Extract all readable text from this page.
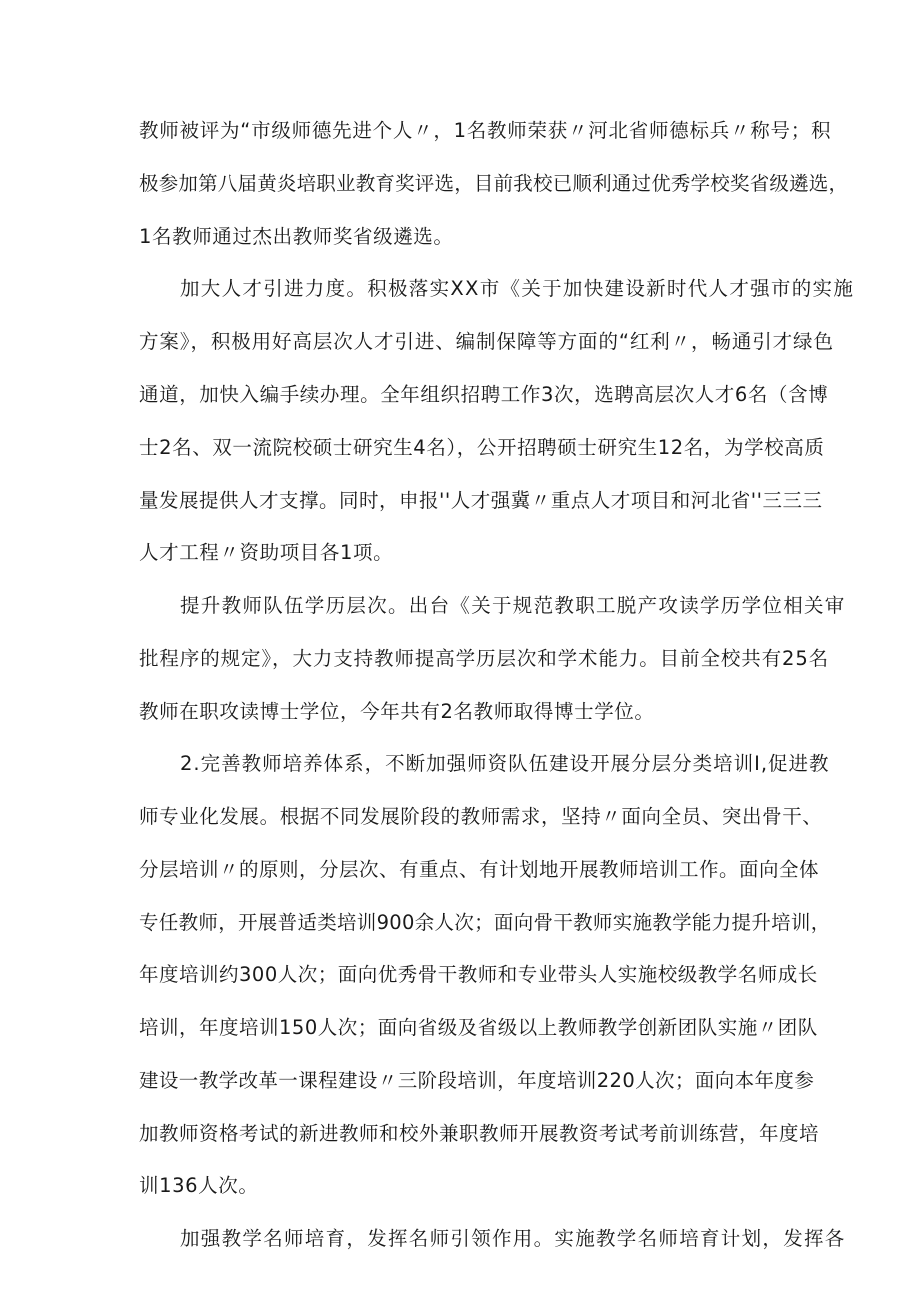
教师被评为“市级师德先进个人〃，1名教师荣获〃河北省师德标兵〃称号；积
极参加第八届黄炎培职业教育奖评选，目前我校已顺利通过优秀学校奖省级遴选，
1名教师通过杰出教师奖省级遴选。
加大人才引进力度。积极落实XX市《关于加快建设新时代人才强市的实施
方案》，积极用好高层次人才引进、编制保障等方面的“红利〃，畅通引才绿色
通道，加快入编手续办理。全年组织招聘工作3次，选聘高层次人才6名（含博
士2名、双一流院校硕士研究生4名），公开招聘硕士研究生12名，为学校高质
量发展提供人才支撑。同时，申报''人才强冀〃重点人才项目和河北省''三三三
人才工程〃资助项目各1项。
提升教师队伍学历层次。出台《关于规范教职工脱产攻读学历学位相关审
批程序的规定》，大力支持教师提高学历层次和学术能力。目前全校共有25名
教师在职攻读博士学位，今年共有2名教师取得博士学位。
2.完善教师培养体系，不断加强师资队伍建设开展分层分类培训I,促进教
师专业化发展。根据不同发展阶段的教师需求，坚持〃面向全员、突出骨干、
分层培训〃的原则，分层次、有重点、有计划地开展教师培训工作。面向全体
专任教师，开展普适类培训900余人次；面向骨干教师实施教学能力提升培训，
年度培训约300人次；面向优秀骨干教师和专业带头人实施校级教学名师成长
培训，年度培训150人次；面向省级及省级以上教师教学创新团队实施〃团队
建设一教学改革一课程建设〃三阶段培训，年度培训220人次；面向本年度参
加教师资格考试的新进教师和校外兼职教师开展教资考试考前训练营，年度培
训136人次。
加强教学名师培育，发挥名师引领作用。实施教学名师培育计划，发挥各
